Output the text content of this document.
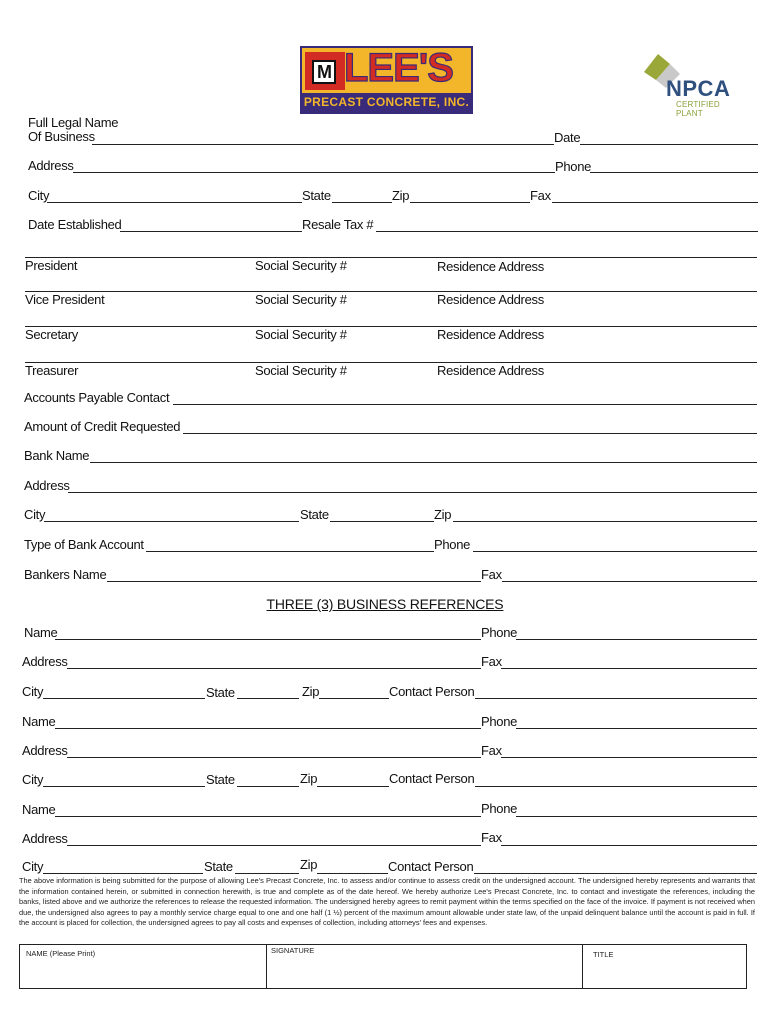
M LEE'S
PRECAST CONCRETE, INC.
NPCA
CERTIFIED PLANT
Full Legal Name
Of Business	Date
Address	Phone
City	State	Zip	Fax
Date Established	Resale Tax #
President	Social Security #	Residence Address
Vice President	Social Security #	Residence Address
Secretary	Social Security #	Residence Address
Treasurer	Social Security #	Residence Address
Accounts Payable Contact
Amount of Credit Requested
Bank Name
Address
City	State	Zip
Type of Bank Account	Phone
Bankers Name	Fax
THREE (3) BUSINESS REFERENCES
Name	Phone
Address	Fax
City	State	Zip	Contact Person
Name	Phone
Address	Fax
City	State	Zip	Contact Person
Name	Phone
Address	Fax
City	State	Zip	Contact Person
The above information is being submitted for the purpose of allowing Lee's Precast Concrete, Inc. to assess and/or continue to assess credit on the undersigned account. The undersigned hereby represents and warrants that the information contained herein, or submitted in connection herewith, is true and complete as of the date hereof. We hereby authorize Lee's Precast Concrete, Inc. to contact and investigate the references, including the banks, listed above and we authorize the references to release the requested information. The undersigned hereby agrees to remit payment within the terms specified on the face of the invoice. If payment is not received when due, the undersigned also agrees to pay a monthly service charge equal to one and one half (1 ½) percent of the maximum amount allowable under state law, of the unpaid delinquent balance until the account is paid in full. If the account is placed for collection, the undersigned agrees to pay all costs and expenses of collection, including attorneys' fees and expenses.
NAME (Please Print)	SIGNATURE	TITLE
